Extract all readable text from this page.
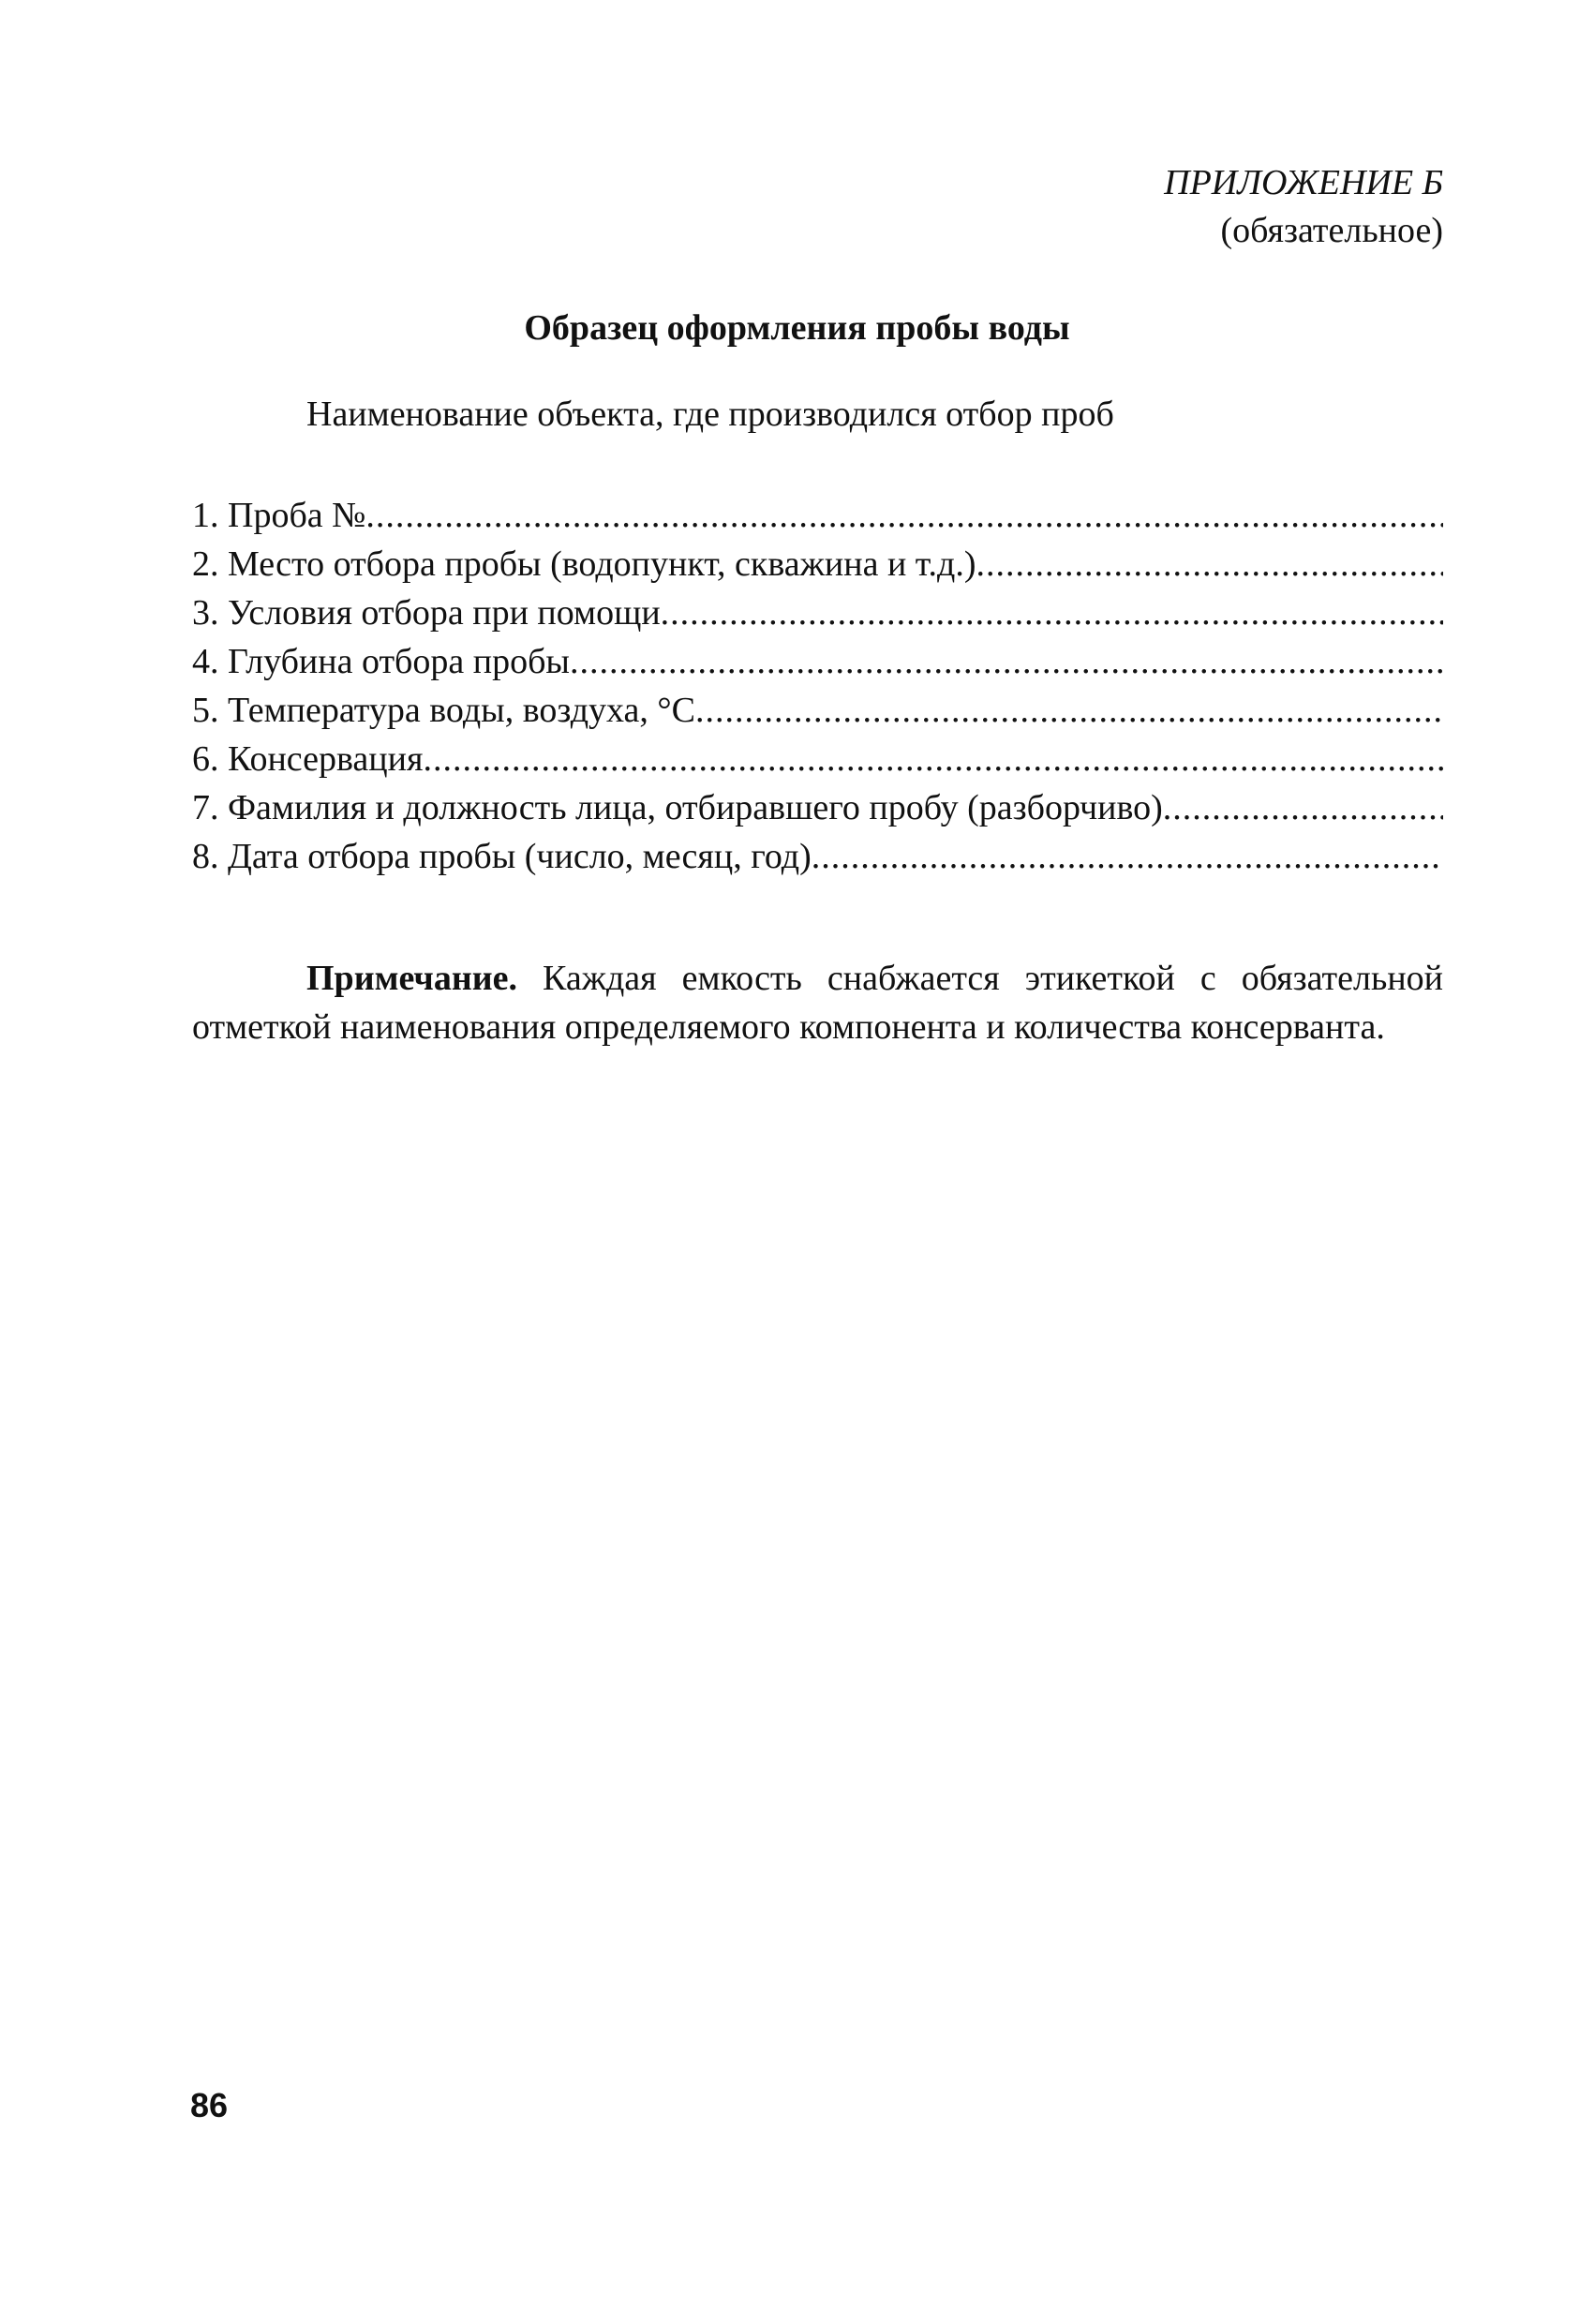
ПРИЛОЖЕНИЕ Б
(обязательное)
Образец оформления пробы воды
Наименование объекта, где производился отбор проб
1. Проба №
.....
2. Место отбора пробы (водопункт, скважина и т.д.)
.....
3. Условия отбора при помощи
.....
4. Глубина отбора пробы
.....
5. Температура воды, воздуха, °С
.....
6. Консервация
.....
7. Фамилия и должность лица, отбиравшего пробу (разборчиво)
.....
8. Дата отбора пробы (число, месяц, год)
.....

Примечание. Каждая емкость снабжается этикеткой с обязательной отметкой наименования определяемого компонента и количества консерванта.

86
